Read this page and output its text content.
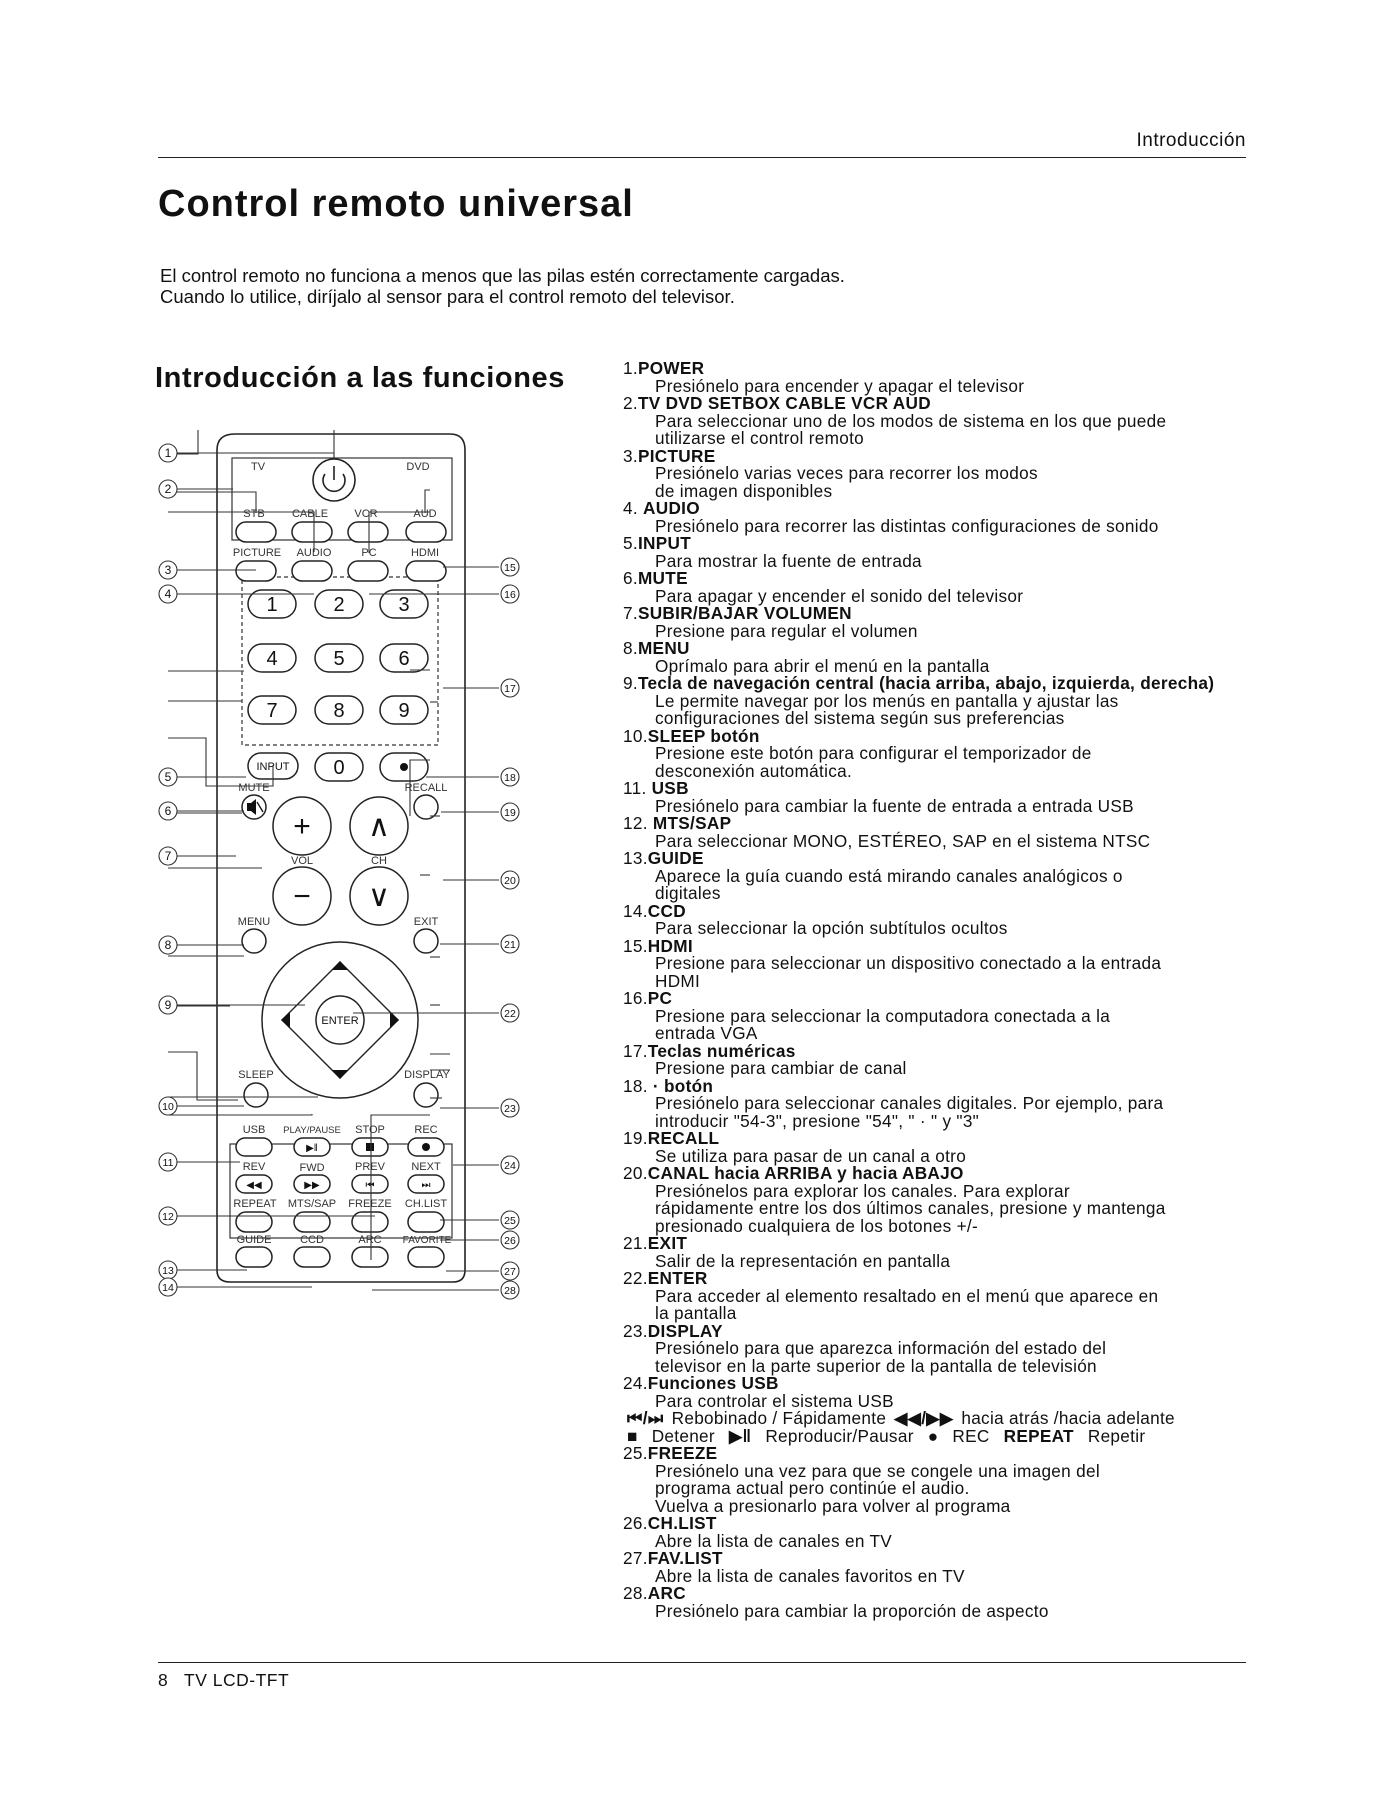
Introducción
Control remoto universal
El control remoto no funciona a menos que las pilas estén correctamente cargadas.
Cuando lo utilice, diríjalo al sensor para el control remoto del televisor.
Introducción a las funciones
TV	DVD
STB CABLE VCR	AUD
PICTURE AUDIO	PC	HDMI
MUTE	RECALL
VOL	CH
MENU	EXIT
SLEEP	DISPLAY
USB PLAY/PAUSE STOP	REC
REV	FWD	PREV NEXT
REPEAT MTS/SAP FREEZE CH.LIST
GUIDE	CCD	ARC FAVORITE
1	2	3
4	5	6
7	8	9
0
+
−
∧
∨
INPUT
ENTER
▶ǁ
◀◀	▶▶	⏮	⏭
1
2
3
4
5
6
7
8
9
10
11
12
13
14
15
16
17
18
19
20
21
22
23
24
25
26
27
28
1.POWER
Presiónelo para encender y apagar el televisor
2.TV DVD SETBOX CABLE VCR AUD
Para seleccionar uno de los modos de sistema en los que puede
utilizarse el control remoto
3.PICTURE
Presiónelo varias veces para recorrer los modos
de imagen disponibles
4. AUDIO
Presiónelo para recorrer las distintas configuraciones de sonido
5.INPUT
Para mostrar la fuente de entrada
6.MUTE
Para apagar y encender el sonido del televisor
7.SUBIR/BAJAR VOLUMEN
Presione para regular el volumen
8.MENU
Oprímalo para abrir el menú en la pantalla
9.Tecla de navegación central (hacia arriba, abajo, izquierda, derecha)
Le permite navegar por los menús en pantalla y ajustar las
configuraciones del sistema según sus preferencias
10.SLEEP botón
Presione este botón para configurar el temporizador de
desconexión automática.
11. USB
Presiónelo para cambiar la fuente de entrada a entrada USB
12. MTS/SAP
Para seleccionar MONO, ESTÉREO, SAP en el sistema NTSC
13.GUIDE
Aparece la guía cuando está mirando canales analógicos o
digitales
14.CCD
Para seleccionar la opción subtítulos ocultos
15.HDMI
Presione para seleccionar un dispositivo conectado a la entrada
HDMI
16.PC
Presione para seleccionar la computadora conectada a la
entrada VGA
17.Teclas numéricas
Presione para cambiar de canal
18. · botón
Presiónelo para seleccionar canales digitales. Por ejemplo, para
introducir "54-3", presione "54", " · " y "3"
19.RECALL
Se utiliza para pasar de un canal a otro
20.CANAL hacia ARRIBA y hacia ABAJO
Presiónelos para explorar los canales. Para explorar
rápidamente entre los dos últimos canales, presione y mantenga
presionado cualquiera de los botones +/-
21.EXIT
Salir de la representación en pantalla
22.ENTER
Para acceder al elemento resaltado en el menú que aparece en
la pantalla
23.DISPLAY
Presiónelo para que aparezca información del estado del
televisor en la parte superior de la pantalla de televisión
24.Funciones USB
Para controlar el sistema USB
⏮/⏭ Rebobinado / Fápidamente ◀◀/▶▶ hacia atrás /hacia adelante
■ Detener ▶ǁ Reproducir/Pausar ● REC REPEAT Repetir
25.FREEZE
Presiónelo una vez para que se congele una imagen del
programa actual pero continúe el audio.
Vuelva a presionarlo para volver al programa
26.CH.LIST
Abre la lista de canales en TV
27.FAV.LIST
Abre la lista de canales favoritos en TV
28.ARC
Presiónelo para cambiar la proporción de aspecto
8 TV LCD-TFT
